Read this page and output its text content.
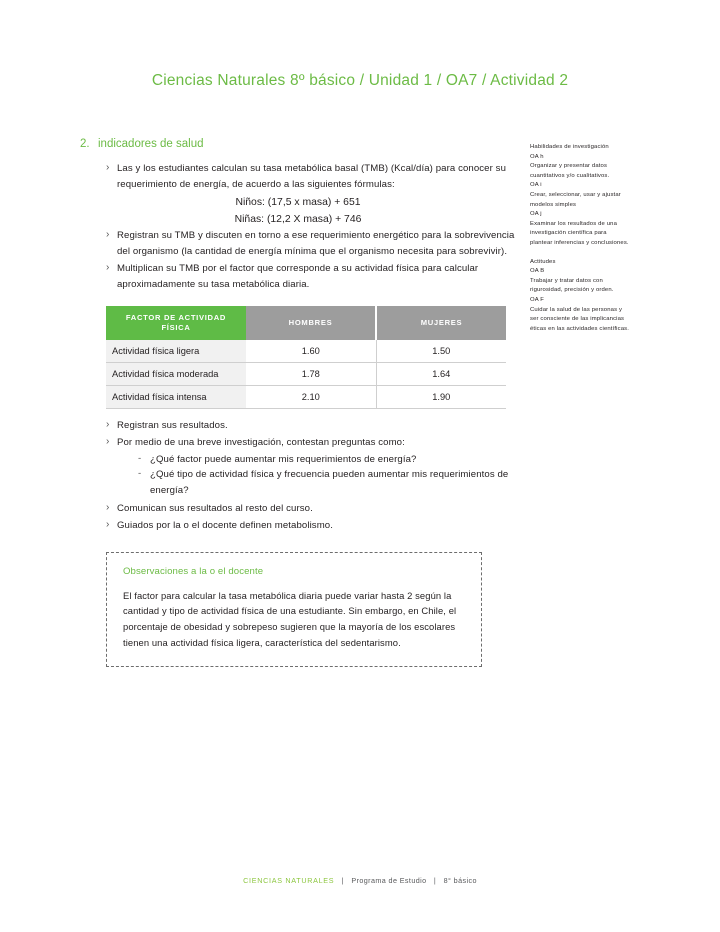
Ciencias Naturales 8º básico / Unidad 1 / OA7 / Actividad 2
2. indicadores de salud
› Las y los estudiantes calculan su tasa metabólica basal (TMB) (Kcal/día) para conocer su requerimiento de energía, de acuerdo a las siguientes fórmulas:
Niños: (17,5 x masa) + 651
Niñas: (12,2 X masa) + 746
› Registran su TMB y discuten en torno a ese requerimiento energético para la sobrevivencia del organismo (la cantidad de energía mínima que el organismo necesita para sobrevivir).
› Multiplican su TMB por el factor que corresponde a su actividad física para calcular aproximadamente su tasa metabólica diaria.
FACTOR DE ACTIVIDAD FÍSICA	HOMBRES	MUJERES
Actividad física ligera	1.60	1.50
Actividad física moderada	1.78	1.64
Actividad física intensa	2.10	1.90
› Registran sus resultados.
› Por medio de una breve investigación, contestan preguntas como:
- ¿Qué factor puede aumentar mis requerimientos de energía?
- ¿Qué tipo de actividad física y frecuencia pueden aumentar mis requerimientos de energía?
› Comunican sus resultados al resto del curso.
› Guiados por la o el docente definen metabolismo.
Observaciones a la o el docente
El factor para calcular la tasa metabólica diaria puede variar hasta 2 según la cantidad y tipo de actividad física de una estudiante. Sin embargo, en Chile, el porcentaje de obesidad y sobrepeso sugieren que la mayoría de los escolares tienen una actividad física ligera, característica del sedentarismo.
Habilidades de investigación
OA h
Organizar y presentar datos cuantitativos y/o cualitativos.
OA i
Crear, seleccionar, usar y ajustar modelos simples
OA j
Examinar los resultados de una investigación científica para plantear inferencias y conclusiones.
Actitudes
OA B
Trabajar y tratar datos con rigurosidad, precisión y orden.
OA F
Cuidar la salud de las personas y ser consciente de las implicancias éticas en las actividades científicas.
CIENCIAS NATURALES | Programa de Estudio | 8° básico
